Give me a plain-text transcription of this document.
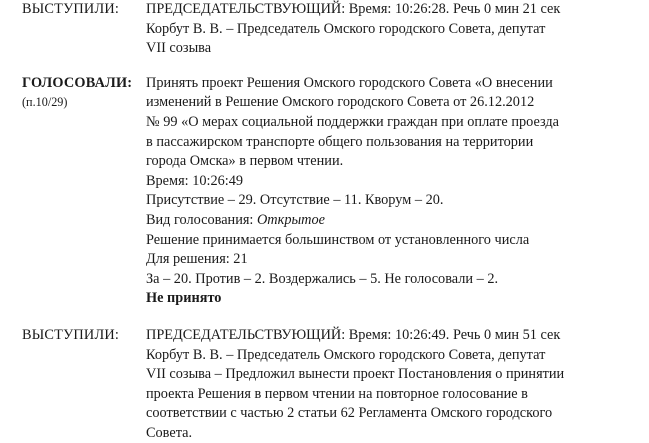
ВЫСТУПИЛИ:	ПРЕДСЕДАТЕЛЬСТВУЮЩИЙ: Время: 10:26:28. Речь 0 мин 21 сек

Корбут В. В. – Председатель Омского городского Совета, депутат

VII созыва

ГОЛОСОВАЛИ:
(п.10/29)

Принять проект Решения Омского городского Совета «О внесении

изменений в Решение Омского городского Совета от 26.12.2012

№ 99 «О мерах социальной поддержки граждан при оплате проезда

в пассажирском транспорте общего пользования на территории

города Омска» в первом чтении.

Время: 10:26:49

Присутствие – 29. Отсутствие – 11. Кворум – 20.

Вид голосования: Открытое

Решение принимается большинством от установленного числа

Для решения: 21

За – 20. Против – 2. Воздержались – 5. Не голосовали – 2.

Не принято

ВЫСТУПИЛИ:	ПРЕДСЕДАТЕЛЬСТВУЮЩИЙ: Время: 10:26:49. Речь 0 мин 51 сек

Корбут В. В. – Председатель Омского городского Совета, депутат

VII созыва – Предложил вынести проект Постановления о принятии

проекта Решения в первом чтении на повторное голосование в

соответствии с частью 2 статьи 62 Регламента Омского городского

Совета.
